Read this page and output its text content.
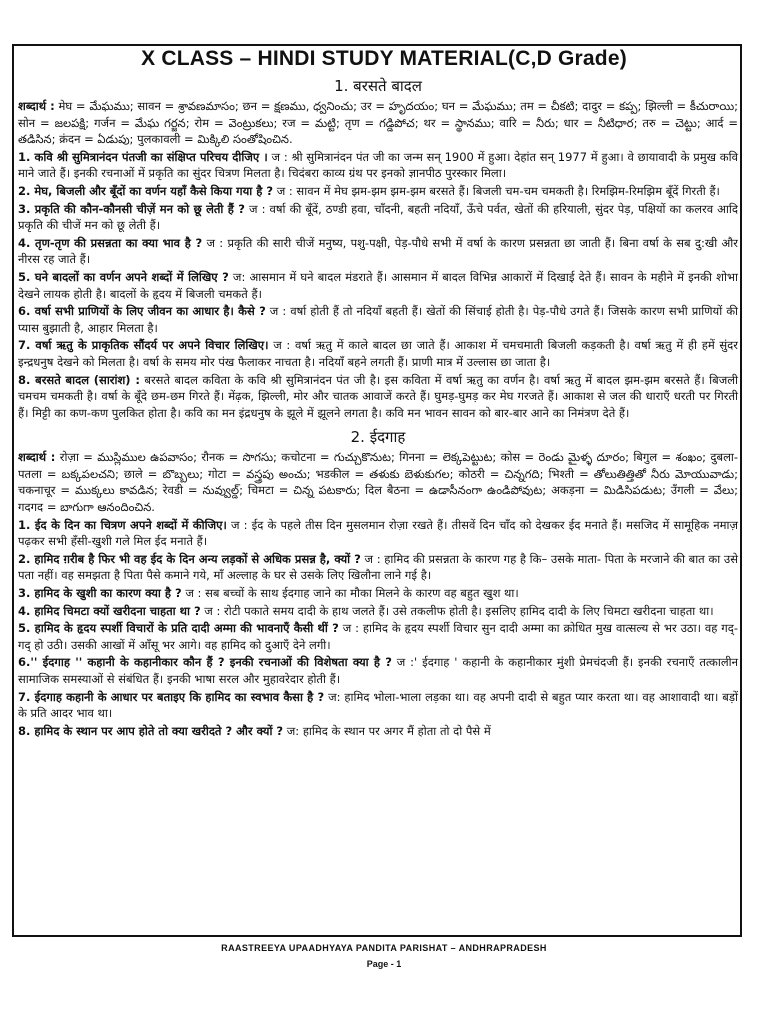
X CLASS – HINDI STUDY MATERIAL(C,D Grade)
1. बरसते बादल

शब्दार्थ : मेघ = మేఘము; सावन = శ్రావణమాసం; छन = క్షణము, ధ్వనించు; उर = హృదయం; घन = మేఘము; तम = చీకటి; दादुर = కప్ప; झिल्ली = కీచురాయి; सोन = జలపక్షి; गर्जन = మేఘ గర్జన; रोम = వెంట్రుకలు; रज = మట్టి; तृण = గడ్డిపోచ; थर = స్థానము; वारि = నీరు; धार = నీటిధార; तरु = చెట్టు; आर्द = తడిసిన; क्रंदन = ఏడుపు; पुलकावली = మిక్కిలి సంతోషించిన.

1. कवि श्री सुमित्रानंदन पंतजी का संक्षिप्त परिचय दीजिए । ज : श्री सुमित्रानंदन पंत जी का जन्म सन् 1900 में हुआ। देहांत सन् 1977 में हुआ। वे छायावादी के प्रमुख कवि माने जाते हैं। इनकी रचनाओं में प्रकृति का सुंदर चित्रण मिलता है। चिदंबरा काव्य ग्रंथ पर इनको ज्ञानपीठ पुरस्कार मिला।

2. मेघ, बिजली और बूँदों का वर्णन यहाँ कैसे किया गया है ? ज : सावन में मेघ झम-झम झम-झम बरसते हैं। बिजली चम-चम चमकती है। रिमझिम-रिमझिम बूँदें गिरती हैं।

3. प्रकृति की कौन-कौनसी चीज़ें मन को छू लेती हैं ? ज : वर्षा की बूँदें, ठण्डी हवा, चाँदनी, बहती नदियाँ, ऊँचे पर्वत, खेतों की हरियाली, सुंदर पेड़, पक्षियों का कलरव आदि प्रकृति की चीजें मन को छू लेती हैं।

4. तृण-तृण की प्रसन्नता का क्या भाव है ? ज : प्रकृति की सारी चीजें मनुष्य, पशु-पक्षी, पेड़-पौधे सभी में वर्षा के कारण प्रसन्नता छा जाती हैं। बिना वर्षा के सब दु:खी और नीरस रह जाते हैं।

5. घने बादलों का वर्णन अपने शब्दों में लिखिए ? ज: आसमान में घने बादल मंडराते हैं। आसमान में बादल विभिन्न आकारों में दिखाई देते हैं। सावन के महीने में इनकी शोभा देखने लायक होती है। बादलों के हृदय में बिजली चमकते हैं।

6. वर्षा सभी प्राणियों के लिए जीवन का आधार है। कैसे ? ज : वर्षा होती हैं तो नदियाँ बहती हैं। खेतों की सिंचाई होती है। पेड़-पौधे उगते हैं। जिसके कारण सभी प्राणियों की प्यास बुझाती है, आहार मिलता है।

7. वर्षा ऋतु के प्राकृतिक सौंदर्य पर अपने विचार लिखिए। ज : वर्षा ऋतु में काले बादल छा जाते हैं। आकाश में चमचमाती बिजली कड़कती है। वर्षा ऋतु में ही हमें सुंदर इन्द्रधनुष देखने को मिलता है। वर्षा के समय मोर पंख फैलाकर नाचता है। नदियाँ बहने लगती हैं। प्राणी मात्र में उल्लास छा जाता है।

8. बरसते बादल (सारांश) : बरसते बादल कविता के कवि श्री सुमित्रानंदन पंत जी है। इस कविता में वर्षा ऋतु का वर्णन है। वर्षा ऋतु में बादल झम-झम बरसते हैं। बिजली चमचम चमकती है। वर्षा के बूँदे छम-छम गिरते हैं। मेंढ़क, झिल्ली, मोर और चातक आवाजें करते हैं। घुमड़-घुमड़ कर मेघ गरजते हैं। आकाश से जल की धाराएँ धरती पर गिरती हैं। मिट्टी का कण-कण पुलकित होता है। कवि का मन इंद्रधनुष के झूले में झूलने लगता है। कवि मन भावन सावन को बार-बार आने का निमंत्रण देते हैं।

2. ईदगाह

शब्दार्थ : रोज़ा = ముస్లిముల ఉపవాసం; रौनक = సొగసు; कचोटना = గుచ్చుకొనుట; गिनना = లెక్కపెట్టుట; कोस = రెండు మైళ్ళ దూరం; बिगुल = శంఖం; दुबला-पतला = బక్కపలచని; छाले = బొబ్బలు; गोटा = వస్త్రపు అంచు; भडकील = తళుకు బెళుకుగల; कोठरी = చిన్నగది; भिश्ती = తోలుతిత్తితో నీరు మోయువాడు; चकनाचूर = ముక్కలు కావడిన; रेवडी = నువ్వుల్డ్; चिमटा = చిన్న పటకారు; दिल बैठना = ఉడాసీనంగా ఉండిపోవుట; अकड़ना = మిడిసిపడుట; उँगली = వేలు; गदगद = బాగుగా ఆనందించిన.

1. ईद के दिन का चित्रण अपने शब्दों में कीजिए। ज : ईद के पहले तीस दिन मुसलमान रोज़ा रखते हैं। तीसवें दिन चाँद को देखकर ईद मनाते हैं। मसजिद में सामूहिक नमाज़ पढ़कर सभी हँसी-खुशी गले मिल ईद मनाते हैं।

2. हामिद ग़रीब है फिर भी वह ईद के दिन अन्य लड़कों से अधिक प्रसन्न है, क्यों ? ज : हामिद की प्रसन्नता के कारण गह है कि– उसके माता- पिता के मरजाने की बात का उसे पता नहीं। वह समझता है पिता पैसे कमाने गये, माँ अल्लाह के घर से उसके लिए खिलौना लाने गई है।

3. हामिद के खुशी का कारण क्या है ? ज : सब बच्चों के साथ ईदगाह जाने का मौका मिलने के कारण वह बहुत खुश था।

4. हामिद चिमटा क्यों खरीदना चाहता था ? ज : रोटी पकाते समय दादी के हाथ जलते हैं। उसे तकलीफ होती है। इसलिए हामिद दादी के लिए चिमटा खरीदना चाहता था।

5. हामिद के हृदय स्पर्शी विचारों के प्रति दादी अम्मा की भावनाएँ कैसी थीं ? ज : हामिद के हृदय स्पर्शी विचार सुन दादी अम्मा का क्रोधित मुख वात्सल्य से भर उठा। वह गद्-गद् हो उठी। उसकी आखों में आँसू भर आगे। वह हामिद को दुआएँ देने लगी।

6.'' ईदगाह '' कहानी के कहानीकार कौन हैं ? इनकी रचनाओं की विशेषता क्या है ? ज :' ईदगाह ' कहानी के कहानीकार मुंशी प्रेमचंदजी हैं। इनकी रचनाएँ तत्कालीन सामाजिक समस्याओं से संबंधित हैं। इनकी भाषा सरल और मुहावरेदार होती हैं।

7. ईदगाह कहानी के आधार पर बताइए कि हामिद का स्वभाव कैसा है ? ज: हामिद भोला-भाला लड़का था। वह अपनी दादी से बहुत प्यार करता था। वह आशावादी था। बड़ों के प्रति आदर भाव था।

8. हामिद के स्थान पर आप होते तो क्या खरीदते ? और क्यों ? ज: हामिद के स्थान पर अगर मैं होता तो दो पैसे में

RAASTREEYA UPAADHYAYA PANDITA PARISHAT – ANDHRAPRADESH
Page - 1
